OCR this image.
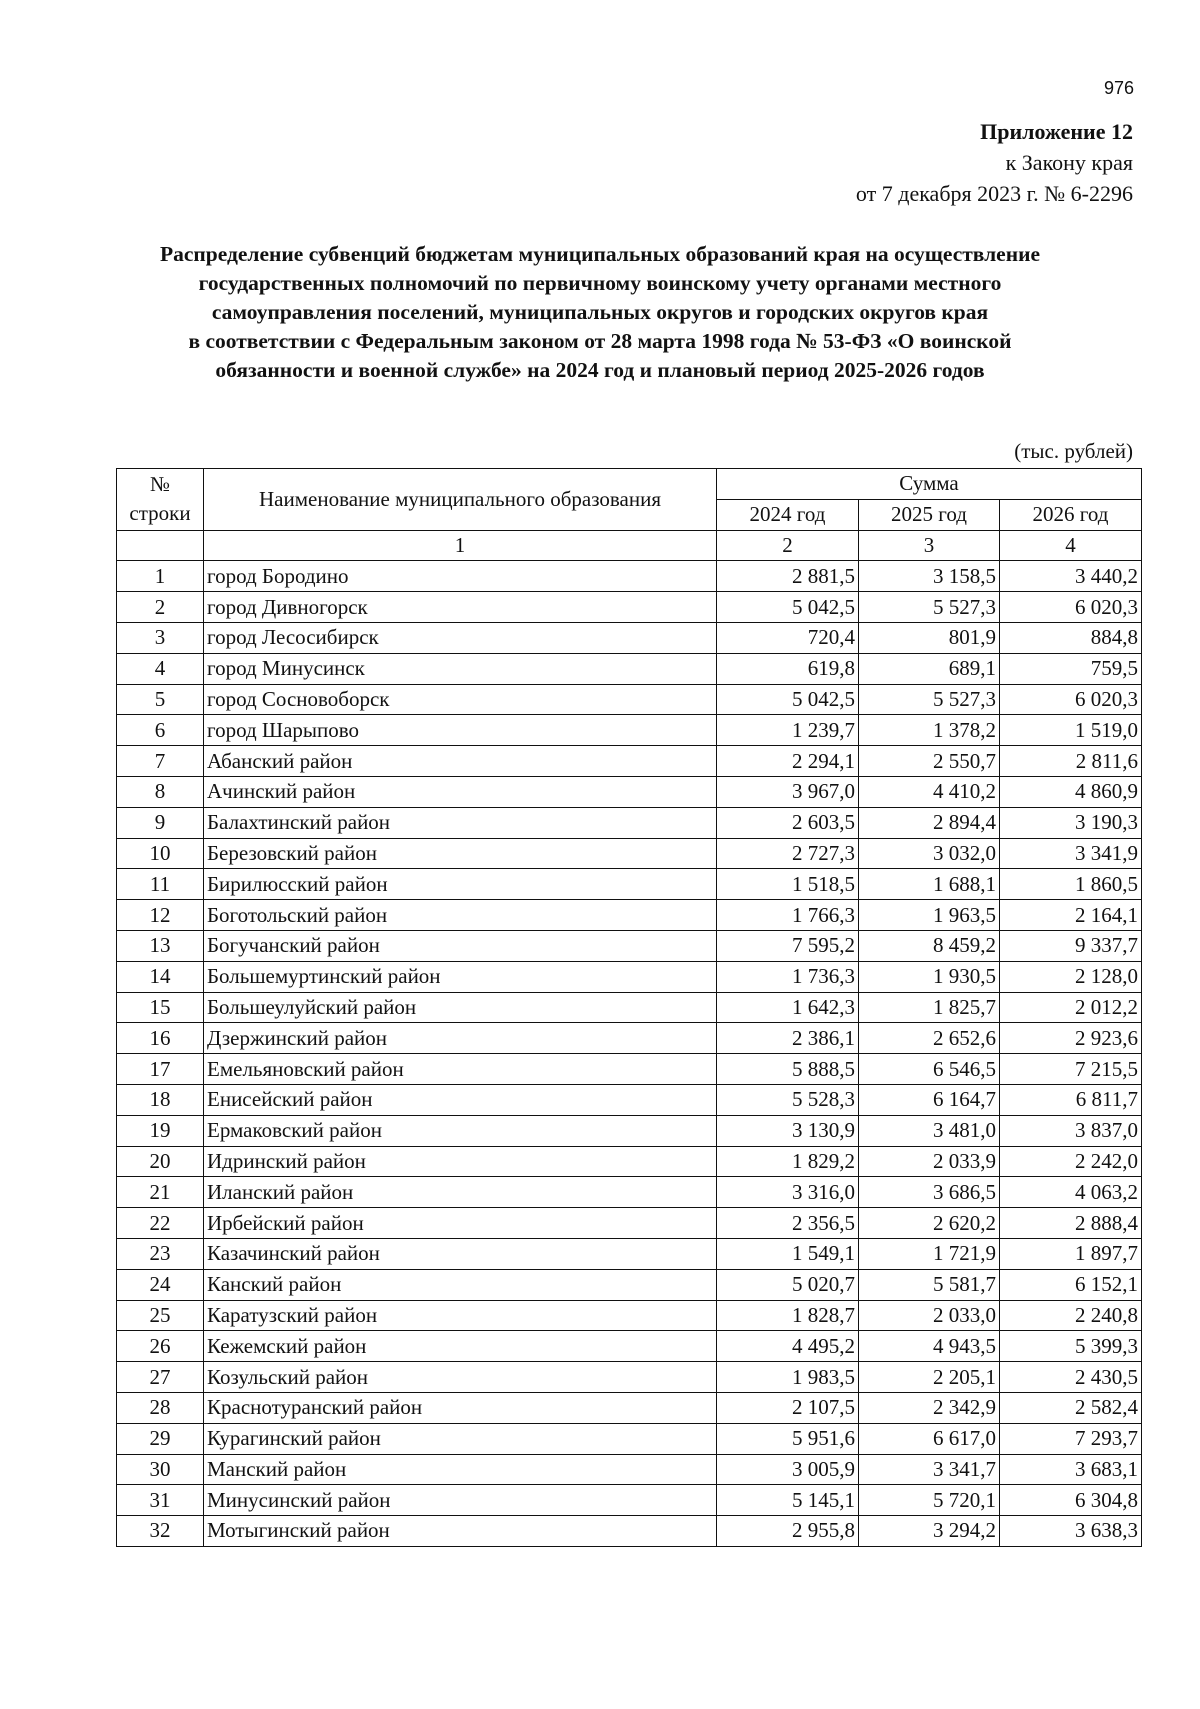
976
Приложение 12
к Закону края
от 7 декабря 2023 г. № 6-2296
Распределение субвенций бюджетам муниципальных образований края на осуществление
государственных полномочий по первичному воинскому учету органами местного
самоуправления поселений, муниципальных округов и городских округов края
в соответствии с Федеральным законом от 28 марта 1998 года № 53-ФЗ «О воинской
обязанности и военной службе» на 2024 год и плановый период 2025-2026 годов
(тыс. рублей)
№
строки	Наименование муниципального образования	Сумма		
		2024 год	2025 год	2026 год
	1	2	3	4
1	город Бородино	2 881,5	3 158,5	3 440,2
2	город Дивногорск	5 042,5	5 527,3	6 020,3
3	город Лесосибирск	720,4	801,9	884,8
4	город Минусинск	619,8	689,1	759,5
5	город Сосновоборск	5 042,5	5 527,3	6 020,3
6	город Шарыпово	1 239,7	1 378,2	1 519,0
7	Абанский район	2 294,1	2 550,7	2 811,6
8	Ачинский район	3 967,0	4 410,2	4 860,9
9	Балахтинский район	2 603,5	2 894,4	3 190,3
10	Березовский район	2 727,3	3 032,0	3 341,9
11	Бирилюсский район	1 518,5	1 688,1	1 860,5
12	Боготольский район	1 766,3	1 963,5	2 164,1
13	Богучанский район	7 595,2	8 459,2	9 337,7
14	Большемуртинский район	1 736,3	1 930,5	2 128,0
15	Большеулуйский район	1 642,3	1 825,7	2 012,2
16	Дзержинский район	2 386,1	2 652,6	2 923,6
17	Емельяновский район	5 888,5	6 546,5	7 215,5
18	Енисейский район	5 528,3	6 164,7	6 811,7
19	Ермаковский район	3 130,9	3 481,0	3 837,0
20	Идринский район	1 829,2	2 033,9	2 242,0
21	Иланский район	3 316,0	3 686,5	4 063,2
22	Ирбейский район	2 356,5	2 620,2	2 888,4
23	Казачинский район	1 549,1	1 721,9	1 897,7
24	Канский район	5 020,7	5 581,7	6 152,1
25	Каратузский район	1 828,7	2 033,0	2 240,8
26	Кежемский район	4 495,2	4 943,5	5 399,3
27	Козульский район	1 983,5	2 205,1	2 430,5
28	Краснотуранский район	2 107,5	2 342,9	2 582,4
29	Курагинский район	5 951,6	6 617,0	7 293,7
30	Манский район	3 005,9	3 341,7	3 683,1
31	Минусинский район	5 145,1	5 720,1	6 304,8
32	Мотыгинский район	2 955,8	3 294,2	3 638,3
